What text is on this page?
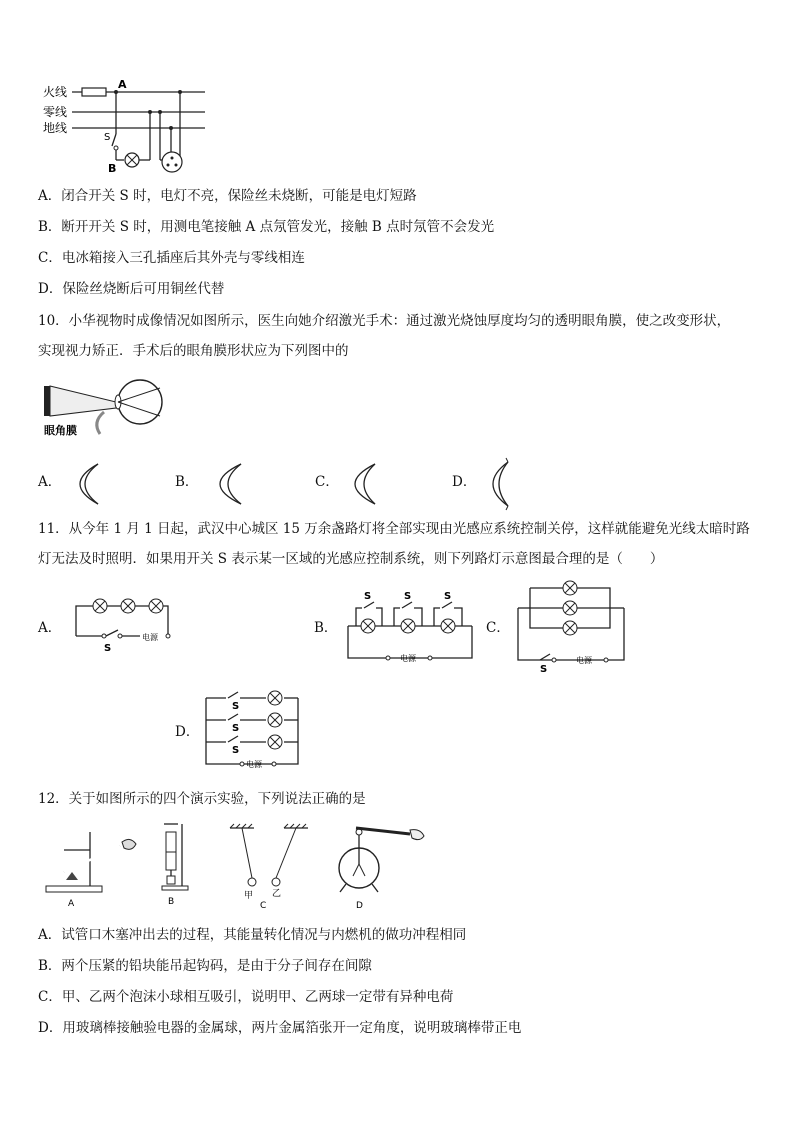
火线
零线
地线
A
S
B
A．闭合开关 S 时，电灯不亮，保险丝未烧断，可能是电灯短路
B．断开开关 S 时，用测电笔接触 A 点氖管发光，接触 B 点时氖管不会发光
C．电冰箱接入三孔插座后其外壳与零线相连
D．保险丝烧断后可用铜丝代替
10．小华视物时成像情况如图所示，医生向她介绍激光手术：通过激光烧蚀厚度均匀的透明眼角膜，使之改变形状，
实现视力矫正．手术后的眼角膜形状应为下列图中的
眼角膜
A．	B．	C．	D．
11．从今年 1 月 1 日起，武汉中心城区 15 万余盏路灯将全部实现由光感应系统控制关停，这样就能避免光线太暗时路
灯无法及时照明．如果用开关 S 表示某一区域的光感应控制系统，则下列路灯示意图最合理的是（　　）
A．
电源
S
B．
S	S	S
电源
C．
电源
S
D．
S
S
S
电源
12．关于如图所示的四个演示实验，下列说法正确的是
A	B
甲 乙
C	D
A．试管口木塞冲出去的过程，其能量转化情况与内燃机的做功冲程相同
B．两个压紧的铅块能吊起钩码，是由于分子间存在间隙
C．甲、乙两个泡沫小球相互吸引，说明甲、乙两球一定带有异种电荷
D．用玻璃棒接触验电器的金属球，两片金属箔张开一定角度，说明玻璃棒带正电
